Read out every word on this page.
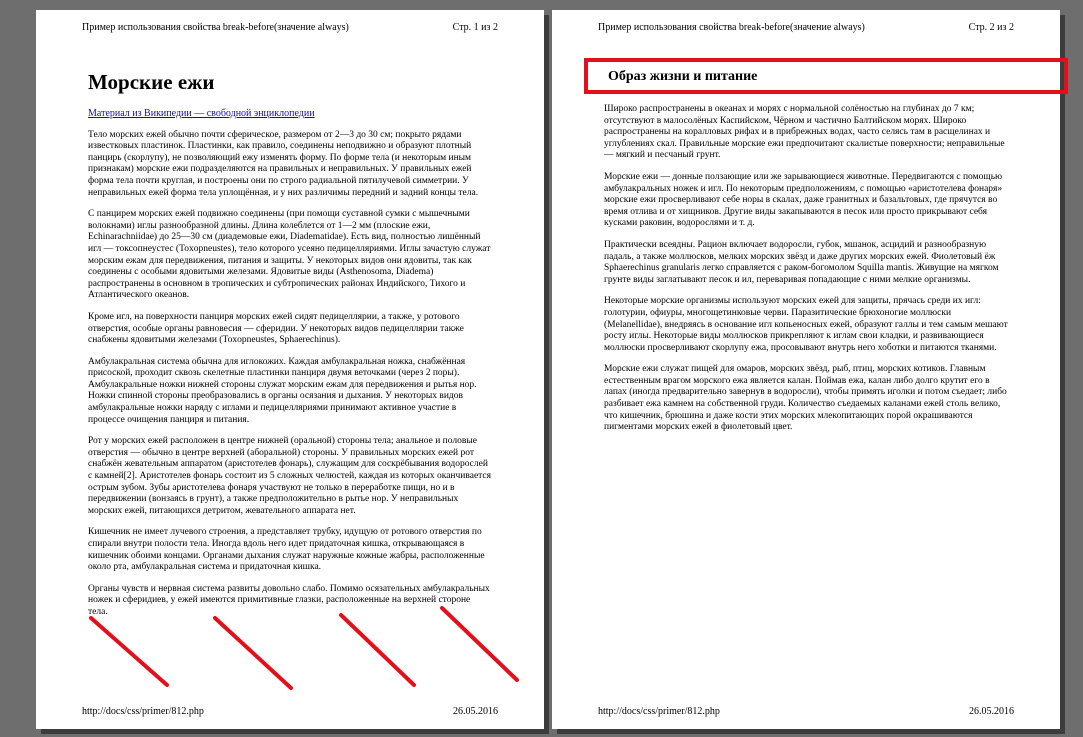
Пример использования свойства break-before(значение always)	Стр. 1 из 2
Морские ежи
Материал из Википедии — свободной энциклопедии

Тело морских ежей обычно почти сферическое, размером от 2—3 до 30 см; покрыто рядами известковых пластинок. Пластинки, как правило, соединены неподвижно и образуют плотный панцирь (скорлупу), не позволяющий ежу изменять форму. По форме тела (и некоторым иным признакам) морские ежи подразделяются на правильных и неправильных. У правильных ежей форма тела почти круглая, и построены они по строго радиальной пятилучевой симметрии. У неправильных ежей форма тела уплощённая, и у них различимы передний и задний концы тела.

С панцирем морских ежей подвижно соединены (при помощи суставной сумки с мышечными волокнами) иглы разнообразной длины. Длина колеблется от 1—2 мм (плоские ежи, Echinarachniidae) до 25—30 см (диадемовые ежи, Diadematidae). Есть вид, полностью лишённый игл — токсопнеустес (Toxopneustes), тело которого усеяно педицелляриями. Иглы зачастую служат морским ежам для передвижения, питания и защиты. У некоторых видов они ядовиты, так как соединены с особыми ядовитыми железами. Ядовитые виды (Asthenosoma, Diadema) распространены в основном в тропических и субтропических районах Индийского, Тихого и Атлантического океанов.

Кроме игл, на поверхности панциря морских ежей сидят педицеллярии, а также, у ротового отверстия, особые органы равновесия — сферидии. У некоторых видов педицеллярии также снабжены ядовитыми железами (Toxopneustes, Sphaerechinus).

Амбулакральная система обычна для иглокожих. Каждая амбулакральная ножка, снабжённая присоской, проходит сквозь скелетные пластинки панциря двумя веточками (через 2 поры). Амбулакральные ножки нижней стороны служат морским ежам для передвижения и рытья нор. Ножки спинной стороны преобразовались в органы осязания и дыхания. У некоторых видов амбулакральные ножки наряду с иглами и педицелляриями принимают активное участие в процессе очищения панциря и питания.

Рот у морских ежей расположен в центре нижней (оральной) стороны тела; анальное и половые отверстия — обычно в центре верхней (аборальной) стороны. У правильных морских ежей рот снабжён жевательным аппаратом (аристотелев фонарь), служащим для соскрёбывания водорослей с камней[2]. Аристотелев фонарь состоит из 5 сложных челюстей, каждая из которых оканчивается острым зубом. Зубы аристотелева фонаря участвуют не только в переработке пищи, но и в передвижении (вонзаясь в грунт), а также предположительно в рытье нор. У неправильных морских ежей, питающихся детритом, жевательного аппарата нет.

Кишечник не имеет лучевого строения, а представляет трубку, идущую от ротового отверстия по спирали внутри полости тела. Иногда вдоль него идет придаточная кишка, открывающаяся в кишечник обоими концами. Органами дыхания служат наружные кожные жабры, расположенные около рта, амбулакральная система и придаточная кишка.

Органы чувств и нервная система развиты довольно слабо. Помимо осязательных амбулакральных ножек и сферидиев, у ежей имеются примитивные глазки, расположенные на верхней стороне тела.

http://docs/css/primer/812.php	26.05.2016
Пример использования свойства break-before(значение always)	Стр. 2 из 2
Образ жизни и питание

Широко распространены в океанах и морях с нормальной солёностью на глубинах до 7 км; отсутствуют в малосолёных Каспийском, Чёрном и частично Балтийском морях. Широко распространены на коралловых рифах и в прибрежных водах, часто селясь там в расщелинах и углублениях скал. Правильные морские ежи предпочитают скалистые поверхности; неправильные — мягкий и песчаный грунт.

Морские ежи — донные ползающие или же зарывающиеся животные. Передвигаются с помощью амбулакральных ножек и игл. По некоторым предположениям, с помощью «аристотелева фонаря» морские ежи просверливают себе норы в скалах, даже гранитных и базальтовых, где прячутся во время отлива и от хищников. Другие виды закапываются в песок или просто прикрывают себя кусками раковин, водорослями и т. д.

Практически всеядны. Рацион включает водоросли, губок, мшанок, асцидий и разнообразную падаль, а также моллюсков, мелких морских звёзд и даже других морских ежей. Фиолетовый ёж Sphaerechinus granularis легко справляется с раком-богомолом Squilla mantis. Живущие на мягком грунте виды заглатывают песок и ил, переваривая попадающие с ними мелкие организмы.

Некоторые морские организмы используют морских ежей для защиты, прячась среди их игл: голотурии, офиуры, многощетинковые черви. Паразитические брюхоногие моллюски (Melanellidae), внедряясь в основание игл копьеносных ежей, образуют галлы и тем самым мешают росту иглы. Некоторые виды моллюсков прикрепляют к иглам свои кладки, и развивающиеся моллюски просверливают скорлупу ежа, просовывают внутрь него хоботки и питаются тканями.

Морские ежи служат пищей для омаров, морских звёзд, рыб, птиц, морских котиков. Главным естественным врагом морского ежа является калан. Поймав ежа, калан либо долго крутит его в лапах (иногда предварительно завернув в водоросли), чтобы примять иголки и потом съедает; либо разбивает ежа камнем на собственной груди. Количество съедаемых каланами ежей столь велико, что кишечник, брюшина и даже кости этих морских млекопитающих порой окрашиваются пигментами морских ежей в фиолетовый цвет.

http://docs/css/primer/812.php	26.05.2016
